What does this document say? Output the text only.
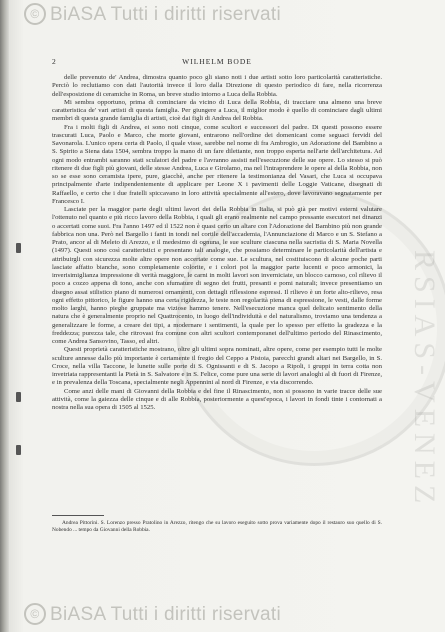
RSIAS-VENEZ
© BiASA Tutti i diritti riservati
2	WILHELM BODE

delle prevenuto de' Andrea, dimostra quanto poco gli siano noti i due artisti sotto loro particolarità caratteristiche. Perciò lo reclutiamo con dati l'autorità invece il loro dalla Direzione di questo periodico di fare, nella ricorrenza dell'esposizione di ceramiche in Roma, un breve studio intorno a Luca della Robbia.

Mi sembra opportuno, prima di cominciare da vicino di Luca della Robbia, di tracciare una almeno una breve caratteristica de' vari artisti di questa famiglia. Per giungere a Luca, il miglior modo è quello di cominciare dagli ultimi membri di questa grande famiglia di artisti, cioè dai figli di Andrea del Robbia.

Fra i molti figli di Andrea, ei sono noti cinque, come scultori e successori del padre. Di questi possono essere trascurati Luca, Paolo e Marco, che morte giovani, entrarono nell'ordine dei domenicani come seguaci fervidi del Savonarola. L'unico opera certa di Paolo, il quale visse, sarebbe nel nome di fra Ambrogio, un Adorazione del Bambino a S. Spirito a Siena data 1504, sembra troppo la mano di un fare dilettante, non troppo esperta nell'arte dell'architetura. Ad ogni modo entrambi saranno stati sculatori del padre e l'avranno assisti nell'esecuzione delle sue opere. Lo stesso si può ritenere di due figli più giovani, delle stesse Andrea, Luca e Girolamo, ma nel l'intraprendere le opere al della Robbia, non so se esse sono ceramista ipere, pure, giacchè, anche per ritenere la testimonianza del Vasari, che Luca si occupava principalmente d'arte indipendentemente di applicare per Leone X i pavimenti delle Loggie Vaticane, disegnati di Raffaello, e certo che i due fratelli spiccavano in loro attività specialmente all'estero, dove lavoravano segnatamente per Francesco I.

Lasciate per la maggior parte degli ultimi lavori dei della Robbia in Italia, si può già per motivi esterni valutare l'ottenuto nel quanto e più ricco lavoro della Robbia, i quali gli erano realmente nel campo pressante esecutori nei dinanzi o accertati come suoi. Fra l'anno 1497 ed il 1522 non è quasi certo un altare con l'Adorazione del Bambino più non grande fabbrica non una. Però nel Bargello i fanti in tondi nel cortile dell'accademia, l'Annunciazione di Marco e un S. Stefano a Prato, ancor al di Meleto di Arezzo, e il medesimo di ognuna, le sue sculture ciascuna nella sacristia di S. Maria Novella (1497). Questi sono così caratteristici e presentano tali analogie, che possiamo determinare le particolarità dell'artista e attribuirgli con sicurezza molte altre opere non accertate come sue. Le scultura, nel costituiscono di alcune poche parti lasciate affatto bianche, sono completamente colorite, e i colori poi la maggior parte lucenti e poco armonici, la inverisimiglianza impressione di verità maggiore, le carni in molti lavori son inverniciate, un blocco carnoso, col rilievo il poco a cozzo appena di tono, anche con sfumature di segno dei frutti, presanti e pomi naturali; invece presentiamo un disegno assai stilistico piano di numerosi ornamenti, con dettagli riflessione espressi. Il rilievo è un forte alto-rilievo, resa ogni effetto pittorico, le figure hanno una certa rigidezza, le teste non regolarità piena di espressione, le vesti, dalle forme molto larghi, hanno pieghe gruppate ma viziose hammo tenere. Nell'esecuzione manca quel delicato sentimento della natura che è generalmente proprio nel Quattrocento, in luogo dell'individuità e del naturalismo, troviamo una tendenza a generalizzare le forme, a creare dei tipi, a modernare i sentimenti, la quale per lo spesso per effetto la gradezza e la freddezza; purezza tale, che ritrovasi fra comune con altri scultori contemporanei dell'ultimo periodo del Rinascimento, come Andrea Sansovino, Tasso, ed altri.

Questi proprietà caratteristiche mostrano, oltre gli ultimi sopra nominati, altre opere, come per esempio tutti le molte sculture annesse dallo più importante è certamente il fregio del Ceppo a Pistoia, parecchi grandi altari nei Bargello, in S. Croce, nella villa Taccone, le lunette sulle porte di S. Ognissanti e di S. Jacopo a Ripoli, i gruppi in terra cotta non invetriata rappresentanti la Pietà in S. Salvatore e in S. Felice, come pure una serie di lavori analoghi al di fuori di Firenze, e in prevalenza della Toscana, specialmente negli Appennini al nord di Firenze, e via discorrendo.

Come anzi delle mani di Giovanni della Robbia e del fine il Rinascimento, non si possono in varie tracce delle sue attività, come la gaiezza delle cinque e di alle Robbia, posteriormente a quest'epoca, i lavori in fondi tinte i contornati a nostra nella sua opera di 1505 al 1525.

Andrea Pittorini. S. Lorenzo presso Pratolino in Arezzo, ritengo che su lavoro eseguito sotto prova variamente dopo il restauro suo quello di S. Nobendo ... tempo da Giovanni della Robbia.

© BiASA Tutti i diritti riservati
